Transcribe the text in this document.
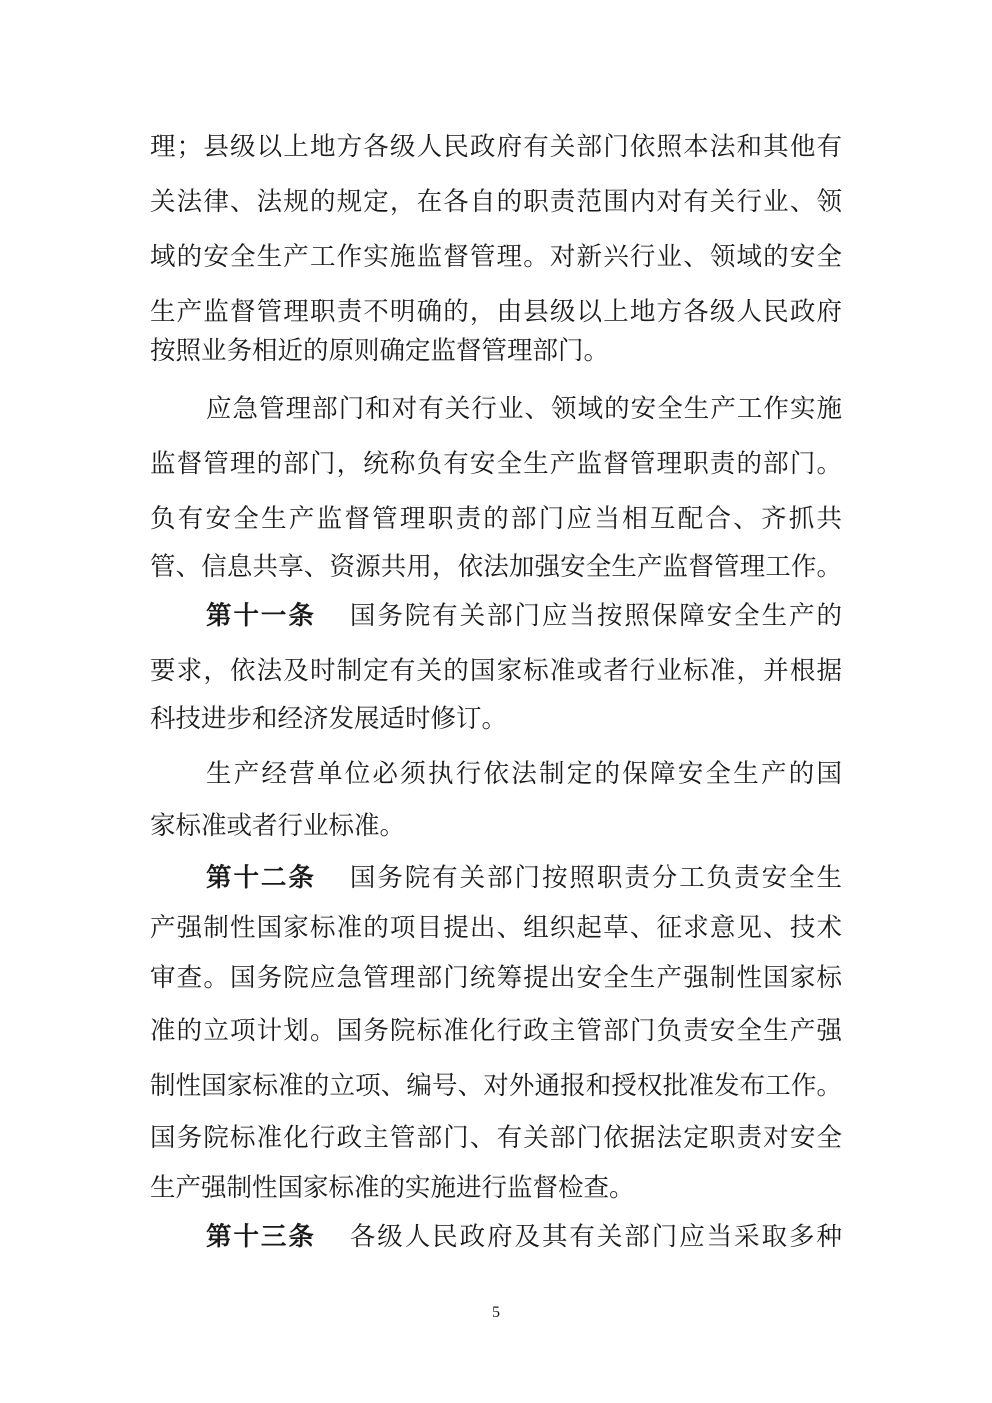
理；县级以上地方各级人民政府有关部门依照本法和其他有
关法律、法规的规定，在各自的职责范围内对有关行业、领
域的安全生产工作实施监督管理。对新兴行业、领域的安全
生产监督管理职责不明确的，由县级以上地方各级人民政府
按照业务相近的原则确定监督管理部门。
应急管理部门和对有关行业、领域的安全生产工作实施
监督管理的部门，统称负有安全生产监督管理职责的部门。
负有安全生产监督管理职责的部门应当相互配合、齐抓共
管、信息共享、资源共用，依法加强安全生产监督管理工作。
第十一条 国务院有关部门应当按照保障安全生产的
要求，依法及时制定有关的国家标准或者行业标准，并根据
科技进步和经济发展适时修订。
生产经营单位必须执行依法制定的保障安全生产的国
家标准或者行业标准。
第十二条 国务院有关部门按照职责分工负责安全生
产强制性国家标准的项目提出、组织起草、征求意见、技术
审查。国务院应急管理部门统筹提出安全生产强制性国家标
准的立项计划。国务院标准化行政主管部门负责安全生产强
制性国家标准的立项、编号、对外通报和授权批准发布工作。
国务院标准化行政主管部门、有关部门依据法定职责对安全
生产强制性国家标准的实施进行监督检查。
第十三条 各级人民政府及其有关部门应当采取多种
5
